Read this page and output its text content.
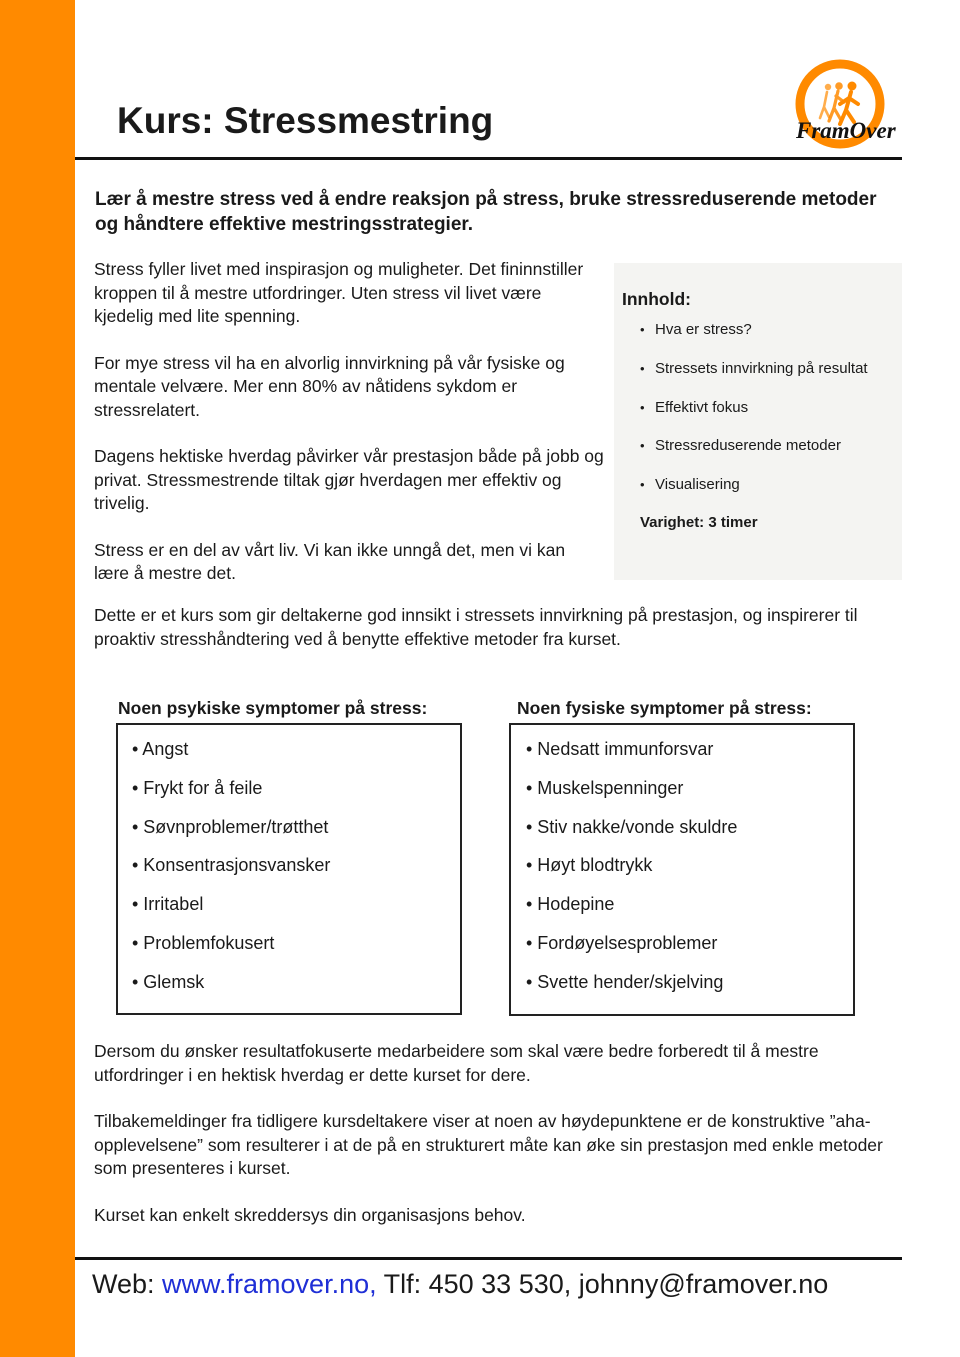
Kurs: Stressmestring	FramOver

Lær å mestre stress ved å endre reaksjon på stress, bruke stressreduserende metoder og håndtere effektive mestringsstrategier.

Stress fyller livet med inspirasjon og muligheter. Det fininnstiller kroppen til å mestre utfordringer. Uten stress vil livet være kjedelig med lite spenning.

For mye stress vil ha en alvorlig innvirkning på vår fysiske og mentale velvære. Mer enn 80% av nåtidens sykdom er stressrelatert.

Dagens hektiske hverdag påvirker vår prestasjon både på jobb og privat. Stressmestrende tiltak gjør hverdagen mer effektiv og trivelig.

Stress er en del av vårt liv. Vi kan ikke unngå det, men vi kan lære å mestre det.

Innhold:
• Hva er stress?
• Stressets innvirkning på resultat
• Effektivt fokus
• Stressreduserende metoder
• Visualisering

Varighet: 3 timer

Dette er et kurs som gir deltakerne god innsikt i stressets innvirkning på prestasjon, og inspirerer til proaktiv stresshåndtering ved å benytte effektive metoder fra kurset.

Noen psykiske symptomer på stress:
• Angst
• Frykt for å feile
• Søvnproblemer/trøtthet
• Konsentrasjonsvansker
• Irritabel
• Problemfokusert
• Glemsk
Noen fysiske symptomer på stress:
• Nedsatt immunforsvar
• Muskelspenninger
• Stiv nakke/vonde skuldre
• Høyt blodtrykk
• Hodepine
• Fordøyelsesproblemer
• Svette hender/skjelving

Dersom du ønsker resultatfokuserte medarbeidere som skal være bedre forberedt til å mestre utfordringer i en hektisk hverdag er dette kurset for dere.

Tilbakemeldinger fra tidligere kursdeltakere viser at noen av høydepunktene er de konstruktive ”aha-opplevelsene” som resulterer i at de på en strukturert måte kan øke sin prestasjon med enkle metoder som presenteres i kurset.

Kurset kan enkelt skreddersys din organisasjons behov.

Web: www.framover.no, Tlf: 450 33 530, johnny@framover.no
